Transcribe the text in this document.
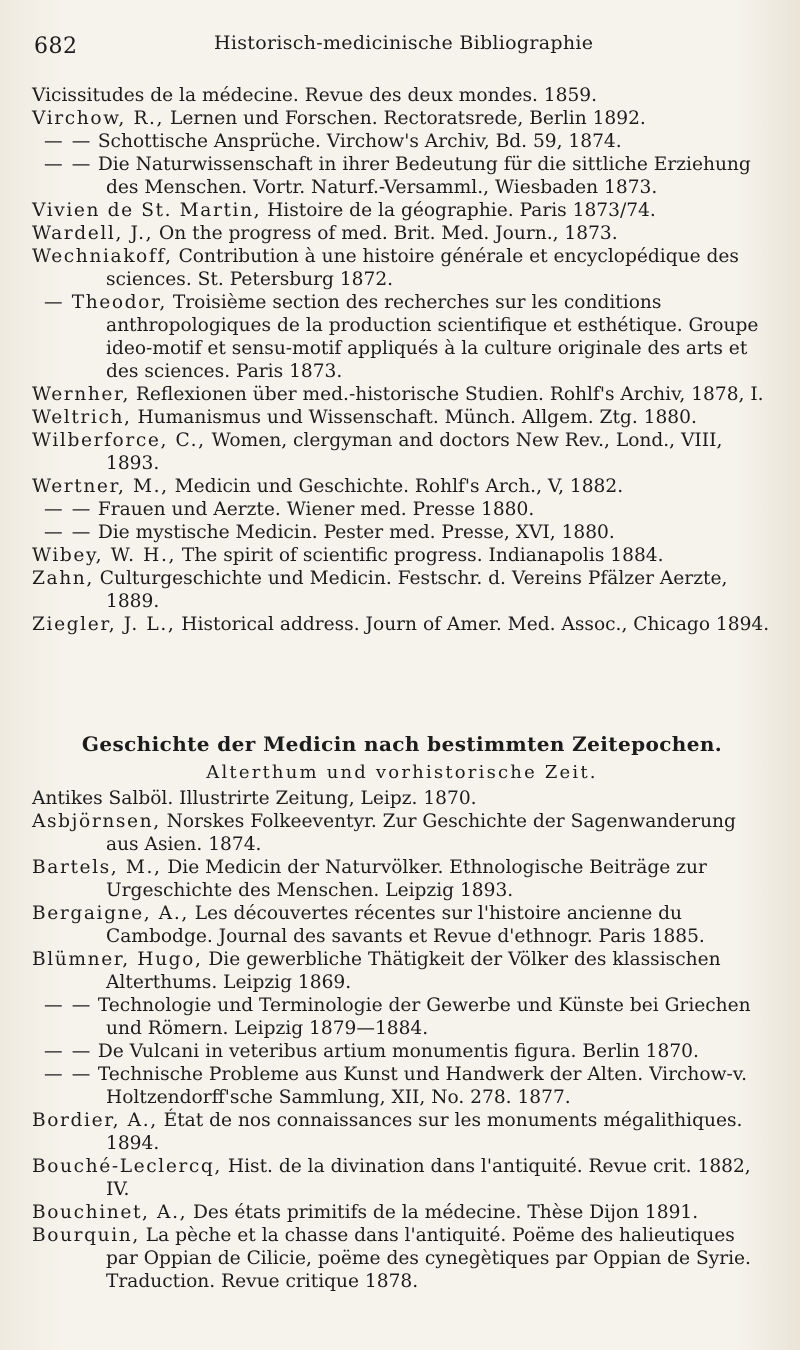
682	Historisch-medicinische Bibliographie

Vicissitudes de la médecine. Revue des deux mondes. 1859.

Virchow, R., Lernen und Forschen. Rectoratsrede, Berlin 1892.

— — Schottische Ansprüche. Virchow's Archiv, Bd. 59, 1874.

— — Die Naturwissenschaft in ihrer Bedeutung für die sittliche Erziehung des Menschen. Vortr. Naturf.-Versamml., Wiesbaden 1873.

Vivien de St. Martin, Histoire de la géographie. Paris 1873/74.

Wardell, J., On the progress of med. Brit. Med. Journ., 1873.

Wechniakoff, Contribution à une histoire générale et encyclopédique des sciences. St. Petersburg 1872.

— Theodor, Troisième section des recherches sur les conditions anthropologiques de la production scientifique et esthétique. Groupe ideo-motif et sensu-motif appliqués à la culture originale des arts et des sciences. Paris 1873.

Wernher, Reflexionen über med.-historische Studien. Rohlf's Archiv, 1878, I.

Weltrich, Humanismus und Wissenschaft. Münch. Allgem. Ztg. 1880.

Wilberforce, C., Women, clergyman and doctors New Rev., Lond., VIII, 1893.

Wertner, M., Medicin und Geschichte. Rohlf's Arch., V, 1882.

— — Frauen und Aerzte. Wiener med. Presse 1880.

— — Die mystische Medicin. Pester med. Presse, XVI, 1880.

Wibey, W. H., The spirit of scientific progress. Indianapolis 1884.

Zahn, Culturgeschichte und Medicin. Festschr. d. Vereins Pfälzer Aerzte, 1889.

Ziegler, J. L., Historical address. Journ of Amer. Med. Assoc., Chicago 1894.

Geschichte der Medicin nach bestimmten Zeitepochen.

Alterthum und vorhistorische Zeit.

Antikes Salböl. Illustrirte Zeitung, Leipz. 1870.

Asbjörnsen, Norskes Folkeeventyr. Zur Geschichte der Sagenwanderung aus Asien. 1874.

Bartels, M., Die Medicin der Naturvölker. Ethnologische Beiträge zur Urgeschichte des Menschen. Leipzig 1893.

Bergaigne, A., Les découvertes récentes sur l'histoire ancienne du Cambodge. Journal des savants et Revue d'ethnogr. Paris 1885.

Blümner, Hugo, Die gewerbliche Thätigkeit der Völker des klassischen Alterthums. Leipzig 1869.

— — Technologie und Terminologie der Gewerbe und Künste bei Griechen und Römern. Leipzig 1879—1884.

— — De Vulcani in veteribus artium monumentis figura. Berlin 1870.

— — Technische Probleme aus Kunst und Handwerk der Alten. Virchow-v. Holtzendorff'sche Sammlung, XII, No. 278. 1877.

Bordier, A., État de nos connaissances sur les monuments mégalithiques. 1894.

Bouché-Leclercq, Hist. de la divination dans l'antiquité. Revue crit. 1882, IV.

Bouchinet, A., Des états primitifs de la médecine. Thèse Dijon 1891.

Bourquin, La pèche et la chasse dans l'antiquité. Poëme des halieutiques par Oppian de Cilicie, poëme des cynegètiques par Oppian de Syrie. Traduction. Revue critique 1878.
